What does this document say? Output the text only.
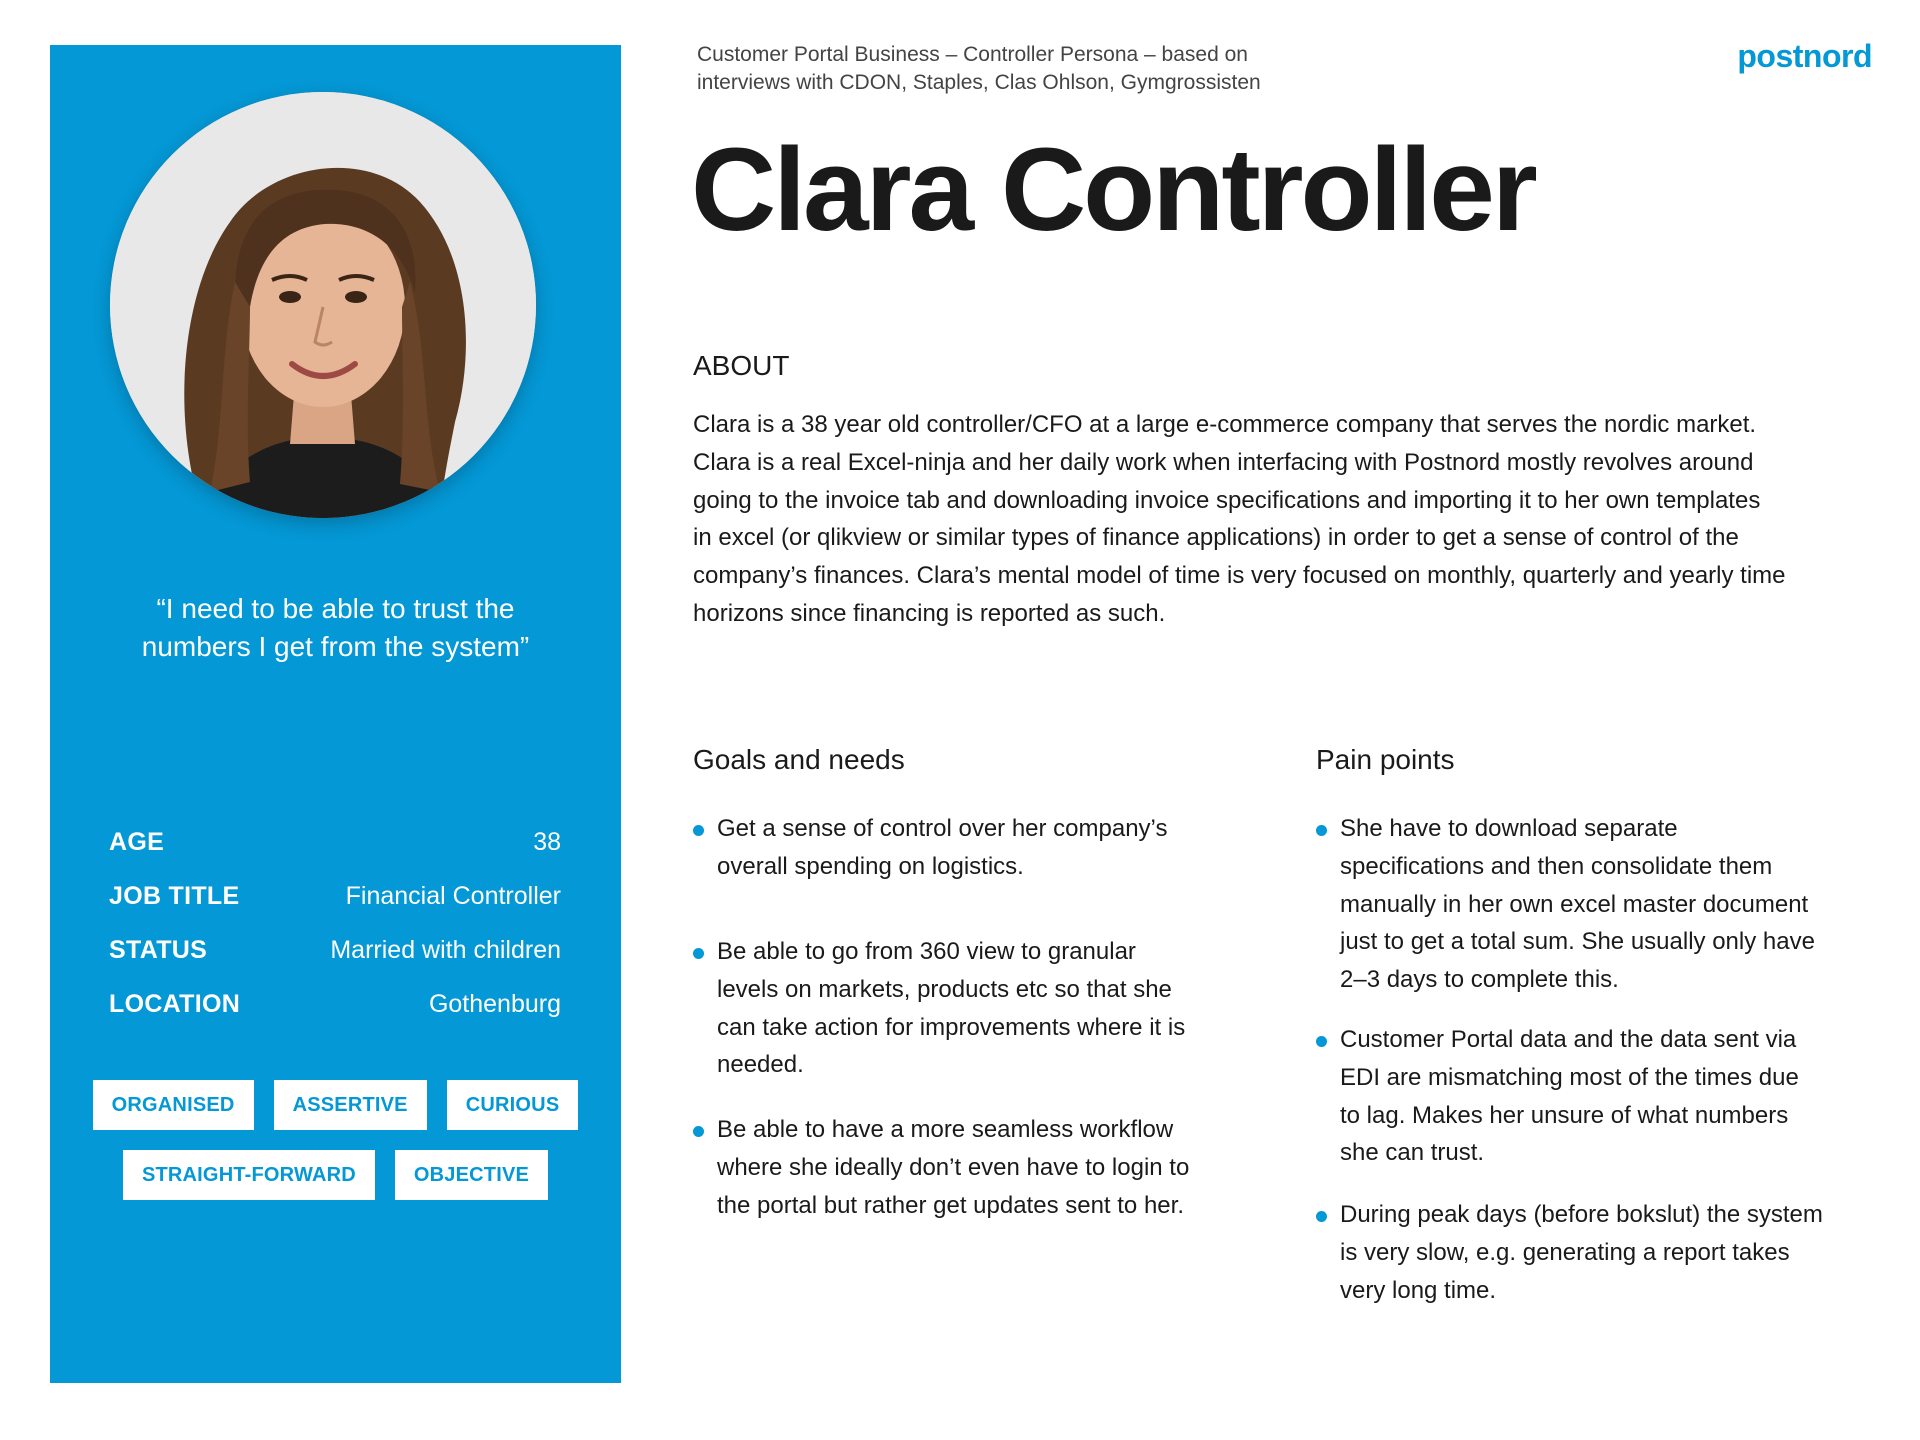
“I need to be able to trust the
numbers I get from the system”
AGE	38
JOB TITLE	Financial Controller
STATUS	Married with children
LOCATION	Gothenburg
ORGANISED	ASSERTIVE	CURIOUS
STRAIGHT-FORWARD	OBJECTIVE
Customer Portal Business – Controller Persona – based on
interviews with CDON, Staples, Clas Ohlson, Gymgrossisten
postnord
Clara Controller
ABOUT
Clara is a 38 year old controller/CFO at a large e-commerce company that serves the nordic market.
Clara is a real Excel-ninja and her daily work when interfacing with Postnord mostly revolves around
going to the invoice tab and downloading invoice specifications and importing it to her own templates
in excel (or qlikview or similar types of finance applications) in order to get a sense of control of the
company’s finances. Clara’s mental model of time is very focused on monthly, quarterly and yearly time
horizons since financing is reported as such.
Goals and needs
Get a sense of control over her company’s
overall spending on logistics.
Be able to go from 360 view to granular
levels on markets, products etc so that she
can take action for improvements where it is
needed.
Be able to have a more seamless workflow
where she ideally don’t even have to login to
the portal but rather get updates sent to her.
Pain points
She have to download separate
specifications and then consolidate them
manually in her own excel master document
just to get a total sum. She usually only have
2–3 days to complete this.
Customer Portal data and the data sent via
EDI are mismatching most of the times due
to lag. Makes her unsure of what numbers
she can trust.
During peak days (before bokslut) the system
is very slow, e.g. generating a report takes
very long time.
